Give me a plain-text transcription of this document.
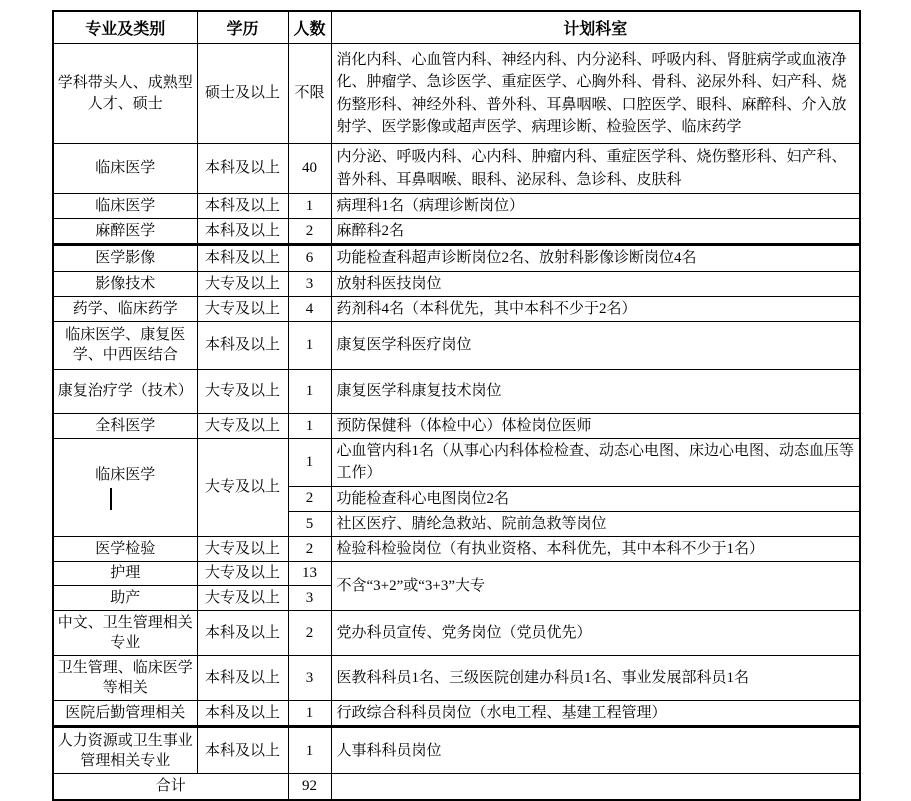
专业及类别	学历	人数	计划科室
学科带头人、成熟型人才、硕士	硕士及以上	不限	消化内科、心血管内科、神经内科、内分泌科、呼吸内科、肾脏病学或血液净化、肿瘤学、急诊医学、重症医学、心胸外科、骨科、泌尿外科、妇产科、烧伤整形科、神经外科、普外科、耳鼻咽喉、口腔医学、眼科、麻醉科、介入放射学、医学影像或超声医学、病理诊断、检验医学、临床药学
临床医学	本科及以上	40	内分泌、呼吸内科、心内科、肿瘤内科、重症医学科、烧伤整形科、妇产科、普外科、耳鼻咽喉、眼科、泌尿科、急诊科、皮肤科
临床医学	本科及以上	1	病理科1名（病理诊断岗位）
麻醉医学	本科及以上	2	麻醉科2名
医学影像	本科及以上	6	功能检查科超声诊断岗位2名、放射科影像诊断岗位4名
影像技术	大专及以上	3	放射科医技岗位
药学、临床药学	大专及以上	4	药剂科4名（本科优先，其中本科不少于2名）
临床医学、康复医学、中西医结合	本科及以上	1	康复医学科医疗岗位
康复治疗学（技术）	大专及以上	1	康复医学科康复技术岗位
全科医学	大专及以上	1	预防保健科（体检中心）体检岗位医师

临床医学	大专及以上	1	心血管内科1名（从事心内科体检检查、动态心电图、床边心电图、动态血压等工作）
		2	功能检查科心电图岗位2名
		5	社区医疗、腈纶急救站、院前急救等岗位
医学检验	大专及以上	2	检验科检验岗位（有执业资格、本科优先，其中本科不少于1名）
护理	大专及以上	13	不含“3+2”或“3+3”大专
助产	大专及以上	3	
中文、卫生管理相关专业	本科及以上	2	党办科员宣传、党务岗位（党员优先）
卫生管理、临床医学等相关	本科及以上	3	医教科科员1名、三级医院创建办科员1名、事业发展部科员1名
医院后勤管理相关	本科及以上	1	行政综合科科员岗位（水电工程、基建工程管理）
人力资源或卫生事业管理相关专业	本科及以上	1	人事科科员岗位
合计		92	
